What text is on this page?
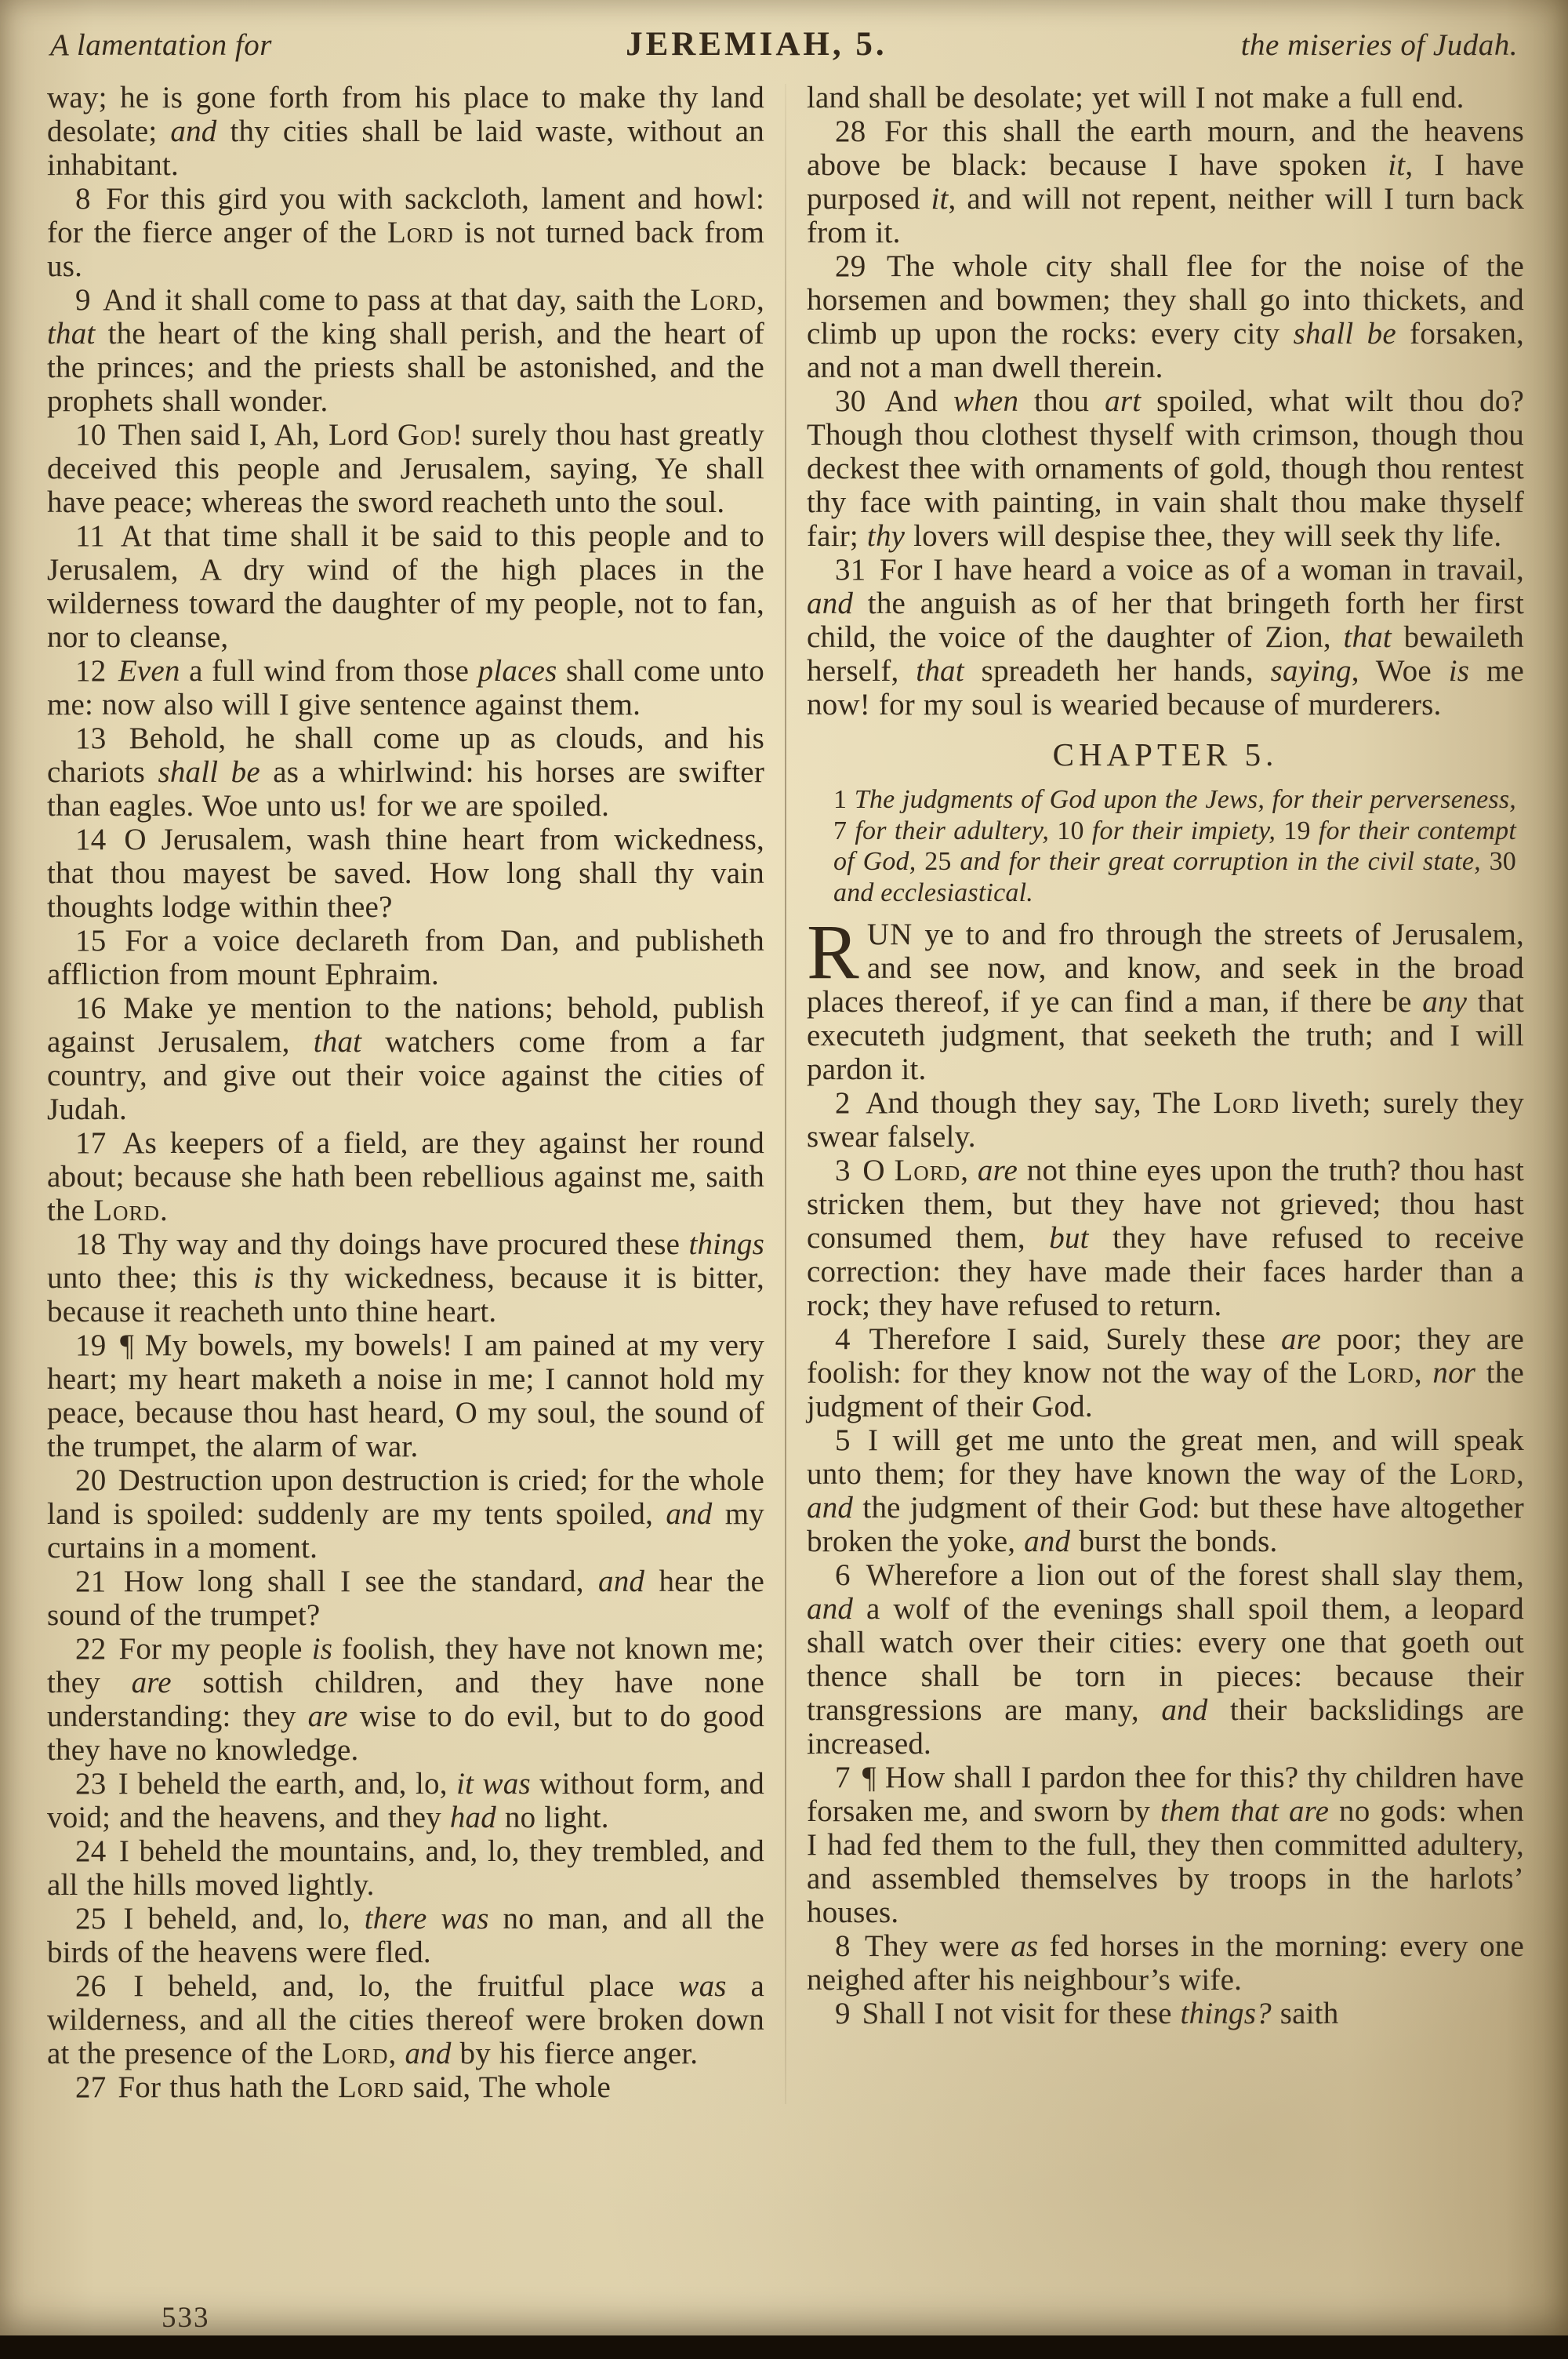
A lamentation for	JEREMIAH, 5.	the miseries of Judah.

way; he is gone forth from his place to make thy land desolate; and thy cities shall be laid waste, without an inhabitant.

8 For this gird you with sackcloth, lament and howl: for the fierce anger of the Lord is not turned back from us.

9 And it shall come to pass at that day, saith the Lord, that the heart of the king shall perish, and the heart of the princes; and the priests shall be astonished, and the prophets shall wonder.

10 Then said I, Ah, Lord God! surely thou hast greatly deceived this people and Jerusalem, saying, Ye shall have peace; whereas the sword reacheth unto the soul.

11 At that time shall it be said to this people and to Jerusalem, A dry wind of the high places in the wilderness toward the daughter of my people, not to fan, nor to cleanse,

12 Even a full wind from those places shall come unto me: now also will I give sentence against them.

13 Behold, he shall come up as clouds, and his chariots shall be as a whirlwind: his horses are swifter than eagles. Woe unto us! for we are spoiled.

14 O Jerusalem, wash thine heart from wickedness, that thou mayest be saved. How long shall thy vain thoughts lodge within thee?

15 For a voice declareth from Dan, and publisheth affliction from mount Ephraim.

16 Make ye mention to the nations; behold, publish against Jerusalem, that watchers come from a far country, and give out their voice against the cities of Judah.

17 As keepers of a field, are they against her round about; because she hath been rebellious against me, saith the Lord.

18 Thy way and thy doings have procured these things unto thee; this is thy wickedness, because it is bitter, because it reacheth unto thine heart.

19 ¶ My bowels, my bowels! I am pained at my very heart; my heart maketh a noise in me; I cannot hold my peace, because thou hast heard, O my soul, the sound of the trumpet, the alarm of war.

20 Destruction upon destruction is cried; for the whole land is spoiled: suddenly are my tents spoiled, and my curtains in a moment.

21 How long shall I see the standard, and hear the sound of the trumpet?

22 For my people is foolish, they have not known me; they are sottish children, and they have none understanding: they are wise to do evil, but to do good they have no knowledge.

23 I beheld the earth, and, lo, it was without form, and void; and the heavens, and they had no light.

24 I beheld the mountains, and, lo, they trembled, and all the hills moved lightly.

25 I beheld, and, lo, there was no man, and all the birds of the heavens were fled.

26 I beheld, and, lo, the fruitful place was a wilderness, and all the cities thereof were broken down at the presence of the Lord, and by his fierce anger.

27 For thus hath the Lord said, The whole

land shall be desolate; yet will I not make a full end.

28 For this shall the earth mourn, and the heavens above be black: because I have spoken it, I have purposed it, and will not repent, neither will I turn back from it.

29 The whole city shall flee for the noise of the horsemen and bowmen; they shall go into thickets, and climb up upon the rocks: every city shall be forsaken, and not a man dwell therein.

30 And when thou art spoiled, what wilt thou do? Though thou clothest thyself with crimson, though thou deckest thee with ornaments of gold, though thou rentest thy face with painting, in vain shalt thou make thyself fair; thy lovers will despise thee, they will seek thy life.

31 For I have heard a voice as of a woman in travail, and the anguish as of her that bringeth forth her first child, the voice of the daughter of Zion, that bewaileth herself, that spreadeth her hands, saying, Woe is me now! for my soul is wearied because of murderers.

CHAPTER 5.

1 The judgments of God upon the Jews, for their perverseness, 7 for their adultery, 10 for their impiety, 19 for their contempt of God, 25 and for their great corruption in the civil state, 30 and ecclesiastical.

RUN ye to and fro through the streets of Jerusalem, and see now, and know, and seek in the broad places thereof, if ye can find a man, if there be any that executeth judgment, that seeketh the truth; and I will pardon it.

2 And though they say, The Lord liveth; surely they swear falsely.

3 O Lord, are not thine eyes upon the truth? thou hast stricken them, but they have not grieved; thou hast consumed them, but they have refused to receive correction: they have made their faces harder than a rock; they have refused to return.

4 Therefore I said, Surely these are poor; they are foolish: for they know not the way of the Lord, nor the judgment of their God.

5 I will get me unto the great men, and will speak unto them; for they have known the way of the Lord, and the judgment of their God: but these have altogether broken the yoke, and burst the bonds.

6 Wherefore a lion out of the forest shall slay them, and a wolf of the evenings shall spoil them, a leopard shall watch over their cities: every one that goeth out thence shall be torn in pieces: because their transgressions are many, and their backslidings are increased.

7 ¶ How shall I pardon thee for this? thy children have forsaken me, and sworn by them that are no gods: when I had fed them to the full, they then committed adultery, and assembled themselves by troops in the harlots’ houses.

8 They were as fed horses in the morning: every one neighed after his neighbour’s wife.

9 Shall I not visit for these things? saith

533
